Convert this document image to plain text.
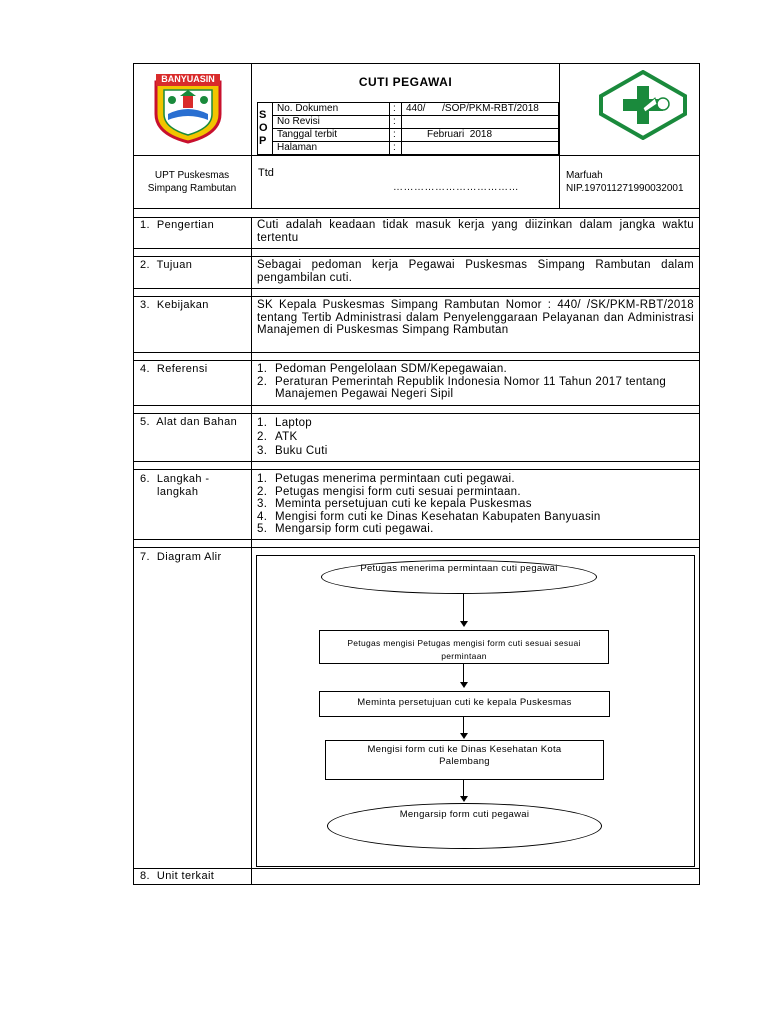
BANYUASIN	CUTI PEGAWAI
S
O
P
No. Dokumen	: 440/      /SOP/PKM-RBT/2018
No Revisi	:
Tanggal terbit	:	Februari  2018
Halaman	:
UPT Puskesmas
Simpang Rambutan
Ttd
………………………………
Marfuah
NIP.197011271990032001
1.  Pengertian	Cuti adalah keadaan tidak masuk kerja yang diizinkan dalam jangka waktu tertentu
2.  Tujuan	Sebagai pedoman kerja Pegawai Puskesmas Simpang Rambutan dalam pengambilan cuti.
3.  Kebijakan	SK Kepala Puskesmas Simpang Rambutan Nomor : 440/ /SK/PKM-RBT/2018 tentang Tertib Administrasi dalam Penyelenggaraan Pelayanan dan Administrasi Manajemen di Puskesmas Simpang Rambutan
4.  Referensi	1. Pedoman Pengelolaan SDM/Kepegawaian.
2. Peraturan Pemerintah Republik Indonesia Nomor 11 Tahun 2017 tentang
Manajemen Pegawai Negeri Sipil
5.  Alat dan Bahan 1. Laptop
2. ATK
3. Buku Cuti
6.  Langkah -
langkah
1. Petugas menerima permintaan cuti pegawai.
2. Petugas mengisi form cuti sesuai permintaan.
3. Meminta persetujuan cuti ke kepala Puskesmas
4. Mengisi form cuti ke Dinas Kesehatan Kabupaten Banyuasin
5. Mengarsip form cuti pegawai.
7.  Diagram Alir
Petugas menerima permintaan cuti pegawai
Petugas mengisi Petugas mengisi form cuti sesuai sesuai permintaan
Meminta persetujuan cuti ke kepala Puskesmas
Mengisi form cuti ke Dinas Kesehatan Kota Palembang
Mengarsip form cuti pegawai
8.  Unit terkait
